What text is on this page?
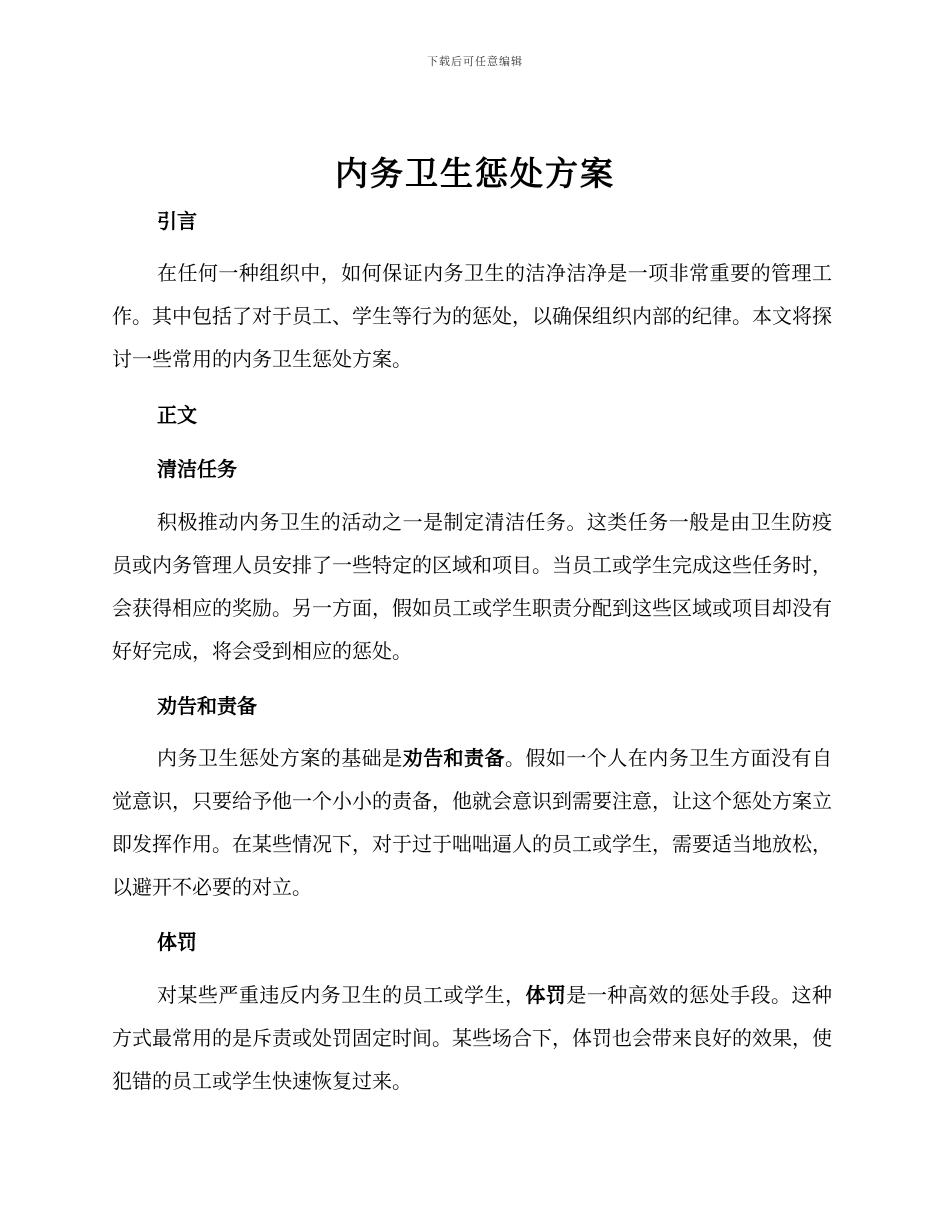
下载后可任意编辑
内务卫生惩处方案
引言

在任何一种组织中，如何保证内务卫生的洁净洁净是一项非常重要的管理工作。其中包括了对于员工、学生等行为的惩处，以确保组织内部的纪律。本文将探讨一些常用的内务卫生惩处方案。

正文
清洁任务

积极推动内务卫生的活动之一是制定清洁任务。这类任务一般是由卫生防疫员或内务管理人员安排了一些特定的区域和项目。当员工或学生完成这些任务时，会获得相应的奖励。另一方面，假如员工或学生职责分配到这些区域或项目却没有好好完成，将会受到相应的惩处。

劝告和责备

内务卫生惩处方案的基础是劝告和责备。假如一个人在内务卫生方面没有自觉意识，只要给予他一个小小的责备，他就会意识到需要注意，让这个惩处方案立即发挥作用。在某些情况下，对于过于咄咄逼人的员工或学生，需要适当地放松，以避开不必要的对立。

体罚

对某些严重违反内务卫生的员工或学生，体罚是一种高效的惩处手段。这种方式最常用的是斥责或处罚固定时间。某些场合下，体罚也会带来良好的效果，使犯错的员工或学生快速恢复过来。
